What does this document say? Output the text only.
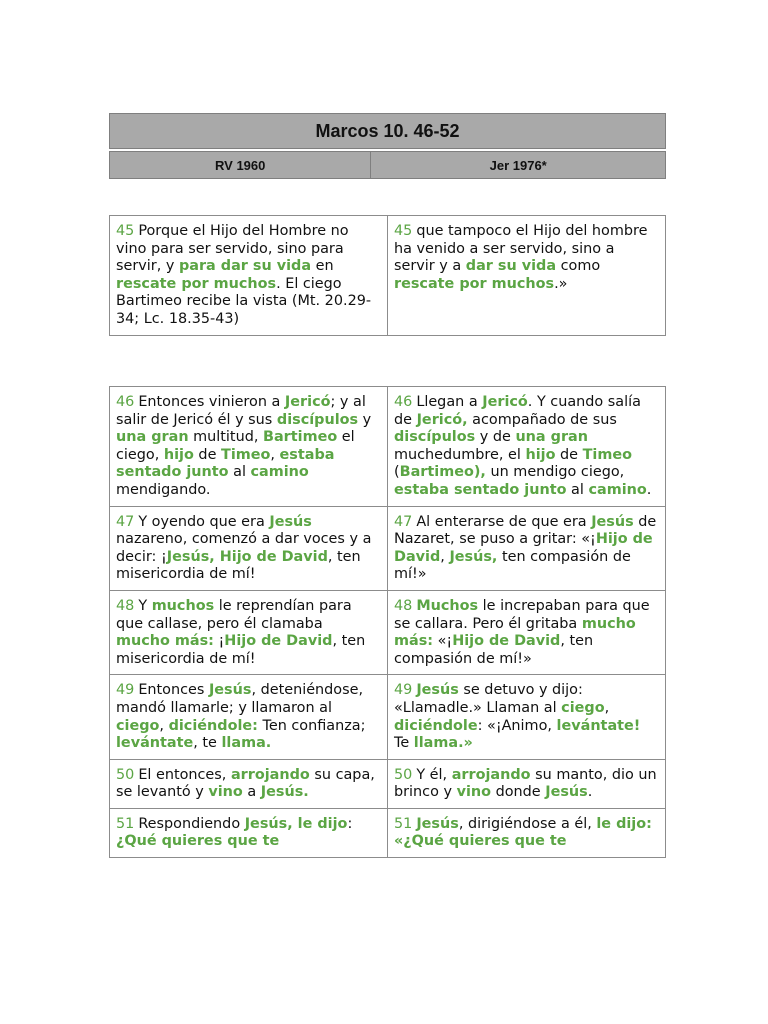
Marcos 10. 46-52

RV 1960	Jer 1976*
45 Porque el Hijo del Hombre no vino para ser servido, sino para servir, y para dar su vida en rescate por muchos. El ciego Bartimeo recibe la vista (Mt. 20.29-34; Lc. 18.35-43)	45 que tampoco el Hijo del hombre ha venido a ser servido, sino a servir y a dar su vida como rescate por muchos.»
46 Entonces vinieron a Jericó; y al salir de Jericó él y sus discípulos y una gran multitud, Bartimeo el ciego, hijo de Timeo, estaba sentado junto al camino mendigando.	46 Llegan a Jericó. Y cuando salía de Jericó, acompañado de sus discípulos y de una gran muchedumbre, el hijo de Timeo (Bartimeo), un mendigo ciego, estaba sentado junto al camino.
47 Y oyendo que era Jesús nazareno, comenzó a dar voces y a decir: ¡Jesús, Hijo de David, ten misericordia de mí!	47 Al enterarse de que era Jesús de Nazaret, se puso a gritar: «¡Hijo de David, Jesús, ten compasión de mí!»
48 Y muchos le reprendían para que callase, pero él clamaba mucho más: ¡Hijo de David, ten misericordia de mí!	48 Muchos le increpaban para que se callara. Pero él gritaba mucho más: «¡Hijo de David, ten compasión de mí!»
49 Entonces Jesús, deteniéndose, mandó llamarle; y llamaron al ciego, diciéndole: Ten confianza; levántate, te llama.	49 Jesús se detuvo y dijo: «Llamadle.» Llaman al ciego, diciéndole: «¡Animo, levántate! Te llama.»
50 El entonces, arrojando su capa, se levantó y vino a Jesús.	50 Y él, arrojando su manto, dio un brinco y vino donde Jesús.
51 Respondiendo Jesús, le dijo: ¿Qué quieres que te	51 Jesús, dirigiéndose a él, le dijo: «¿Qué quieres que te
